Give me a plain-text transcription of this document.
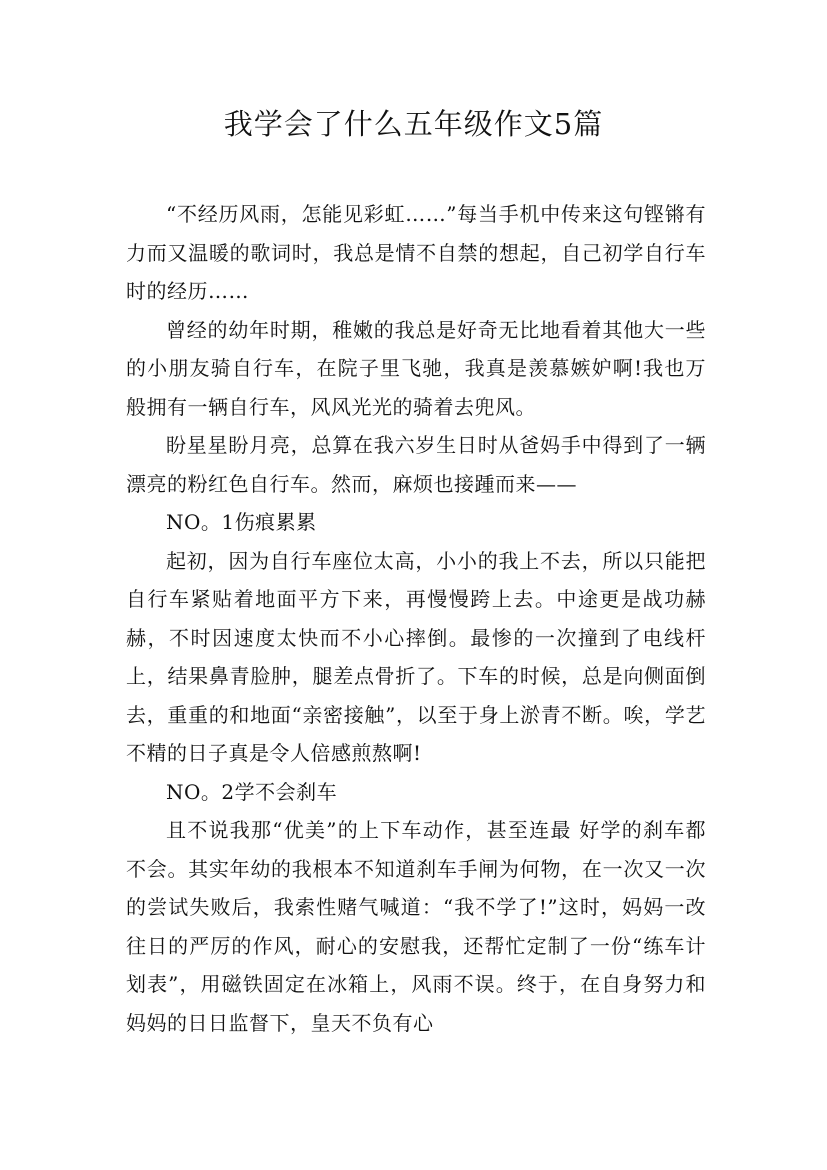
我学会了什么五年级作文5篇

“不经历风雨，怎能见彩虹……”每当手机中传来这句铿锵有力而又温暖的歌词时，我总是情不自禁的想起，自己初学自行车时的经历……

曾经的幼年时期，稚嫩的我总是好奇无比地看着其他大一些的小朋友骑自行车，在院子里飞驰，我真是羡慕嫉妒啊!我也万般拥有一辆自行车，风风光光的骑着去兜风。

盼星星盼月亮，总算在我六岁生日时从爸妈手中得到了一辆漂亮的粉红色自行车。然而，麻烦也接踵而来——

NO。1伤痕累累

起初，因为自行车座位太高，小小的我上不去，所以只能把自行车紧贴着地面平方下来，再慢慢跨上去。中途更是战功赫赫，不时因速度太快而不小心摔倒。最惨的一次撞到了电线杆上，结果鼻青脸肿，腿差点骨折了。下车的时候，总是向侧面倒去，重重的和地面“亲密接触”，以至于身上淤青不断。唉，学艺不精的日子真是令人倍感煎熬啊!

NO。2学不会刹车

且不说我那“优美”的上下车动作，甚至连最 好学的刹车都不会。其实年幼的我根本不知道刹车手闸为何物，在一次又一次的尝试失败后，我索性赌气喊道：“我不学了!”这时，妈妈一改往日的严厉的作风，耐心的安慰我，还帮忙定制了一份“练车计划表”，用磁铁固定在冰箱上，风雨不误。终于，在自身努力和妈妈的日日监督下，皇天不负有心
